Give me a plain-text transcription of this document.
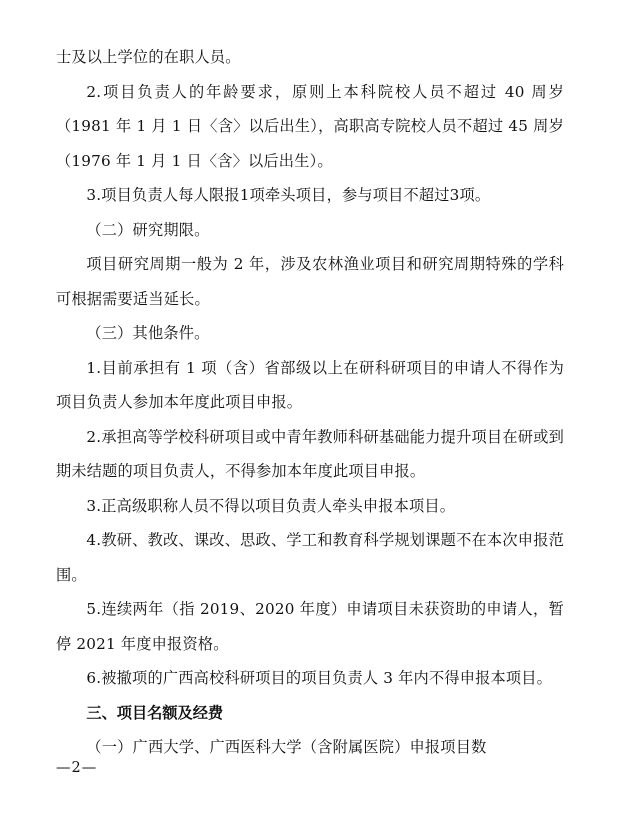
士及以上学位的在职人员。

2.项目负责人的年龄要求，原则上本科院校人员不超过 40 周岁（1981 年 1 月 1 日〈含〉以后出生），高职高专院校人员不超过 45 周岁（1976 年 1 月 1 日〈含〉以后出生）。

3.项目负责人每人限报1项牵头项目，参与项目不超过3项。

（二）研究期限。

项目研究周期一般为 2 年，涉及农林渔业项目和研究周期特殊的学科可根据需要适当延长。

（三）其他条件。

1.目前承担有 1 项（含）省部级以上在研科研项目的申请人不得作为项目负责人参加本年度此项目申报。

2.承担高等学校科研项目或中青年教师科研基础能力提升项目在研或到期未结题的项目负责人，不得参加本年度此项目申报。

3.正高级职称人员不得以项目负责人牵头申报本项目。

4.教研、教改、课改、思政、学工和教育科学规划课题不在本次申报范围。

5.连续两年（指 2019、2020 年度）申请项目未获资助的申请人，暂停 2021 年度申报资格。

6.被撤项的广西高校科研项目的项目负责人 3 年内不得申报本项目。

三、项目名额及经费

（一）广西大学、广西医科大学（含附属医院）申报项目数

—2—
